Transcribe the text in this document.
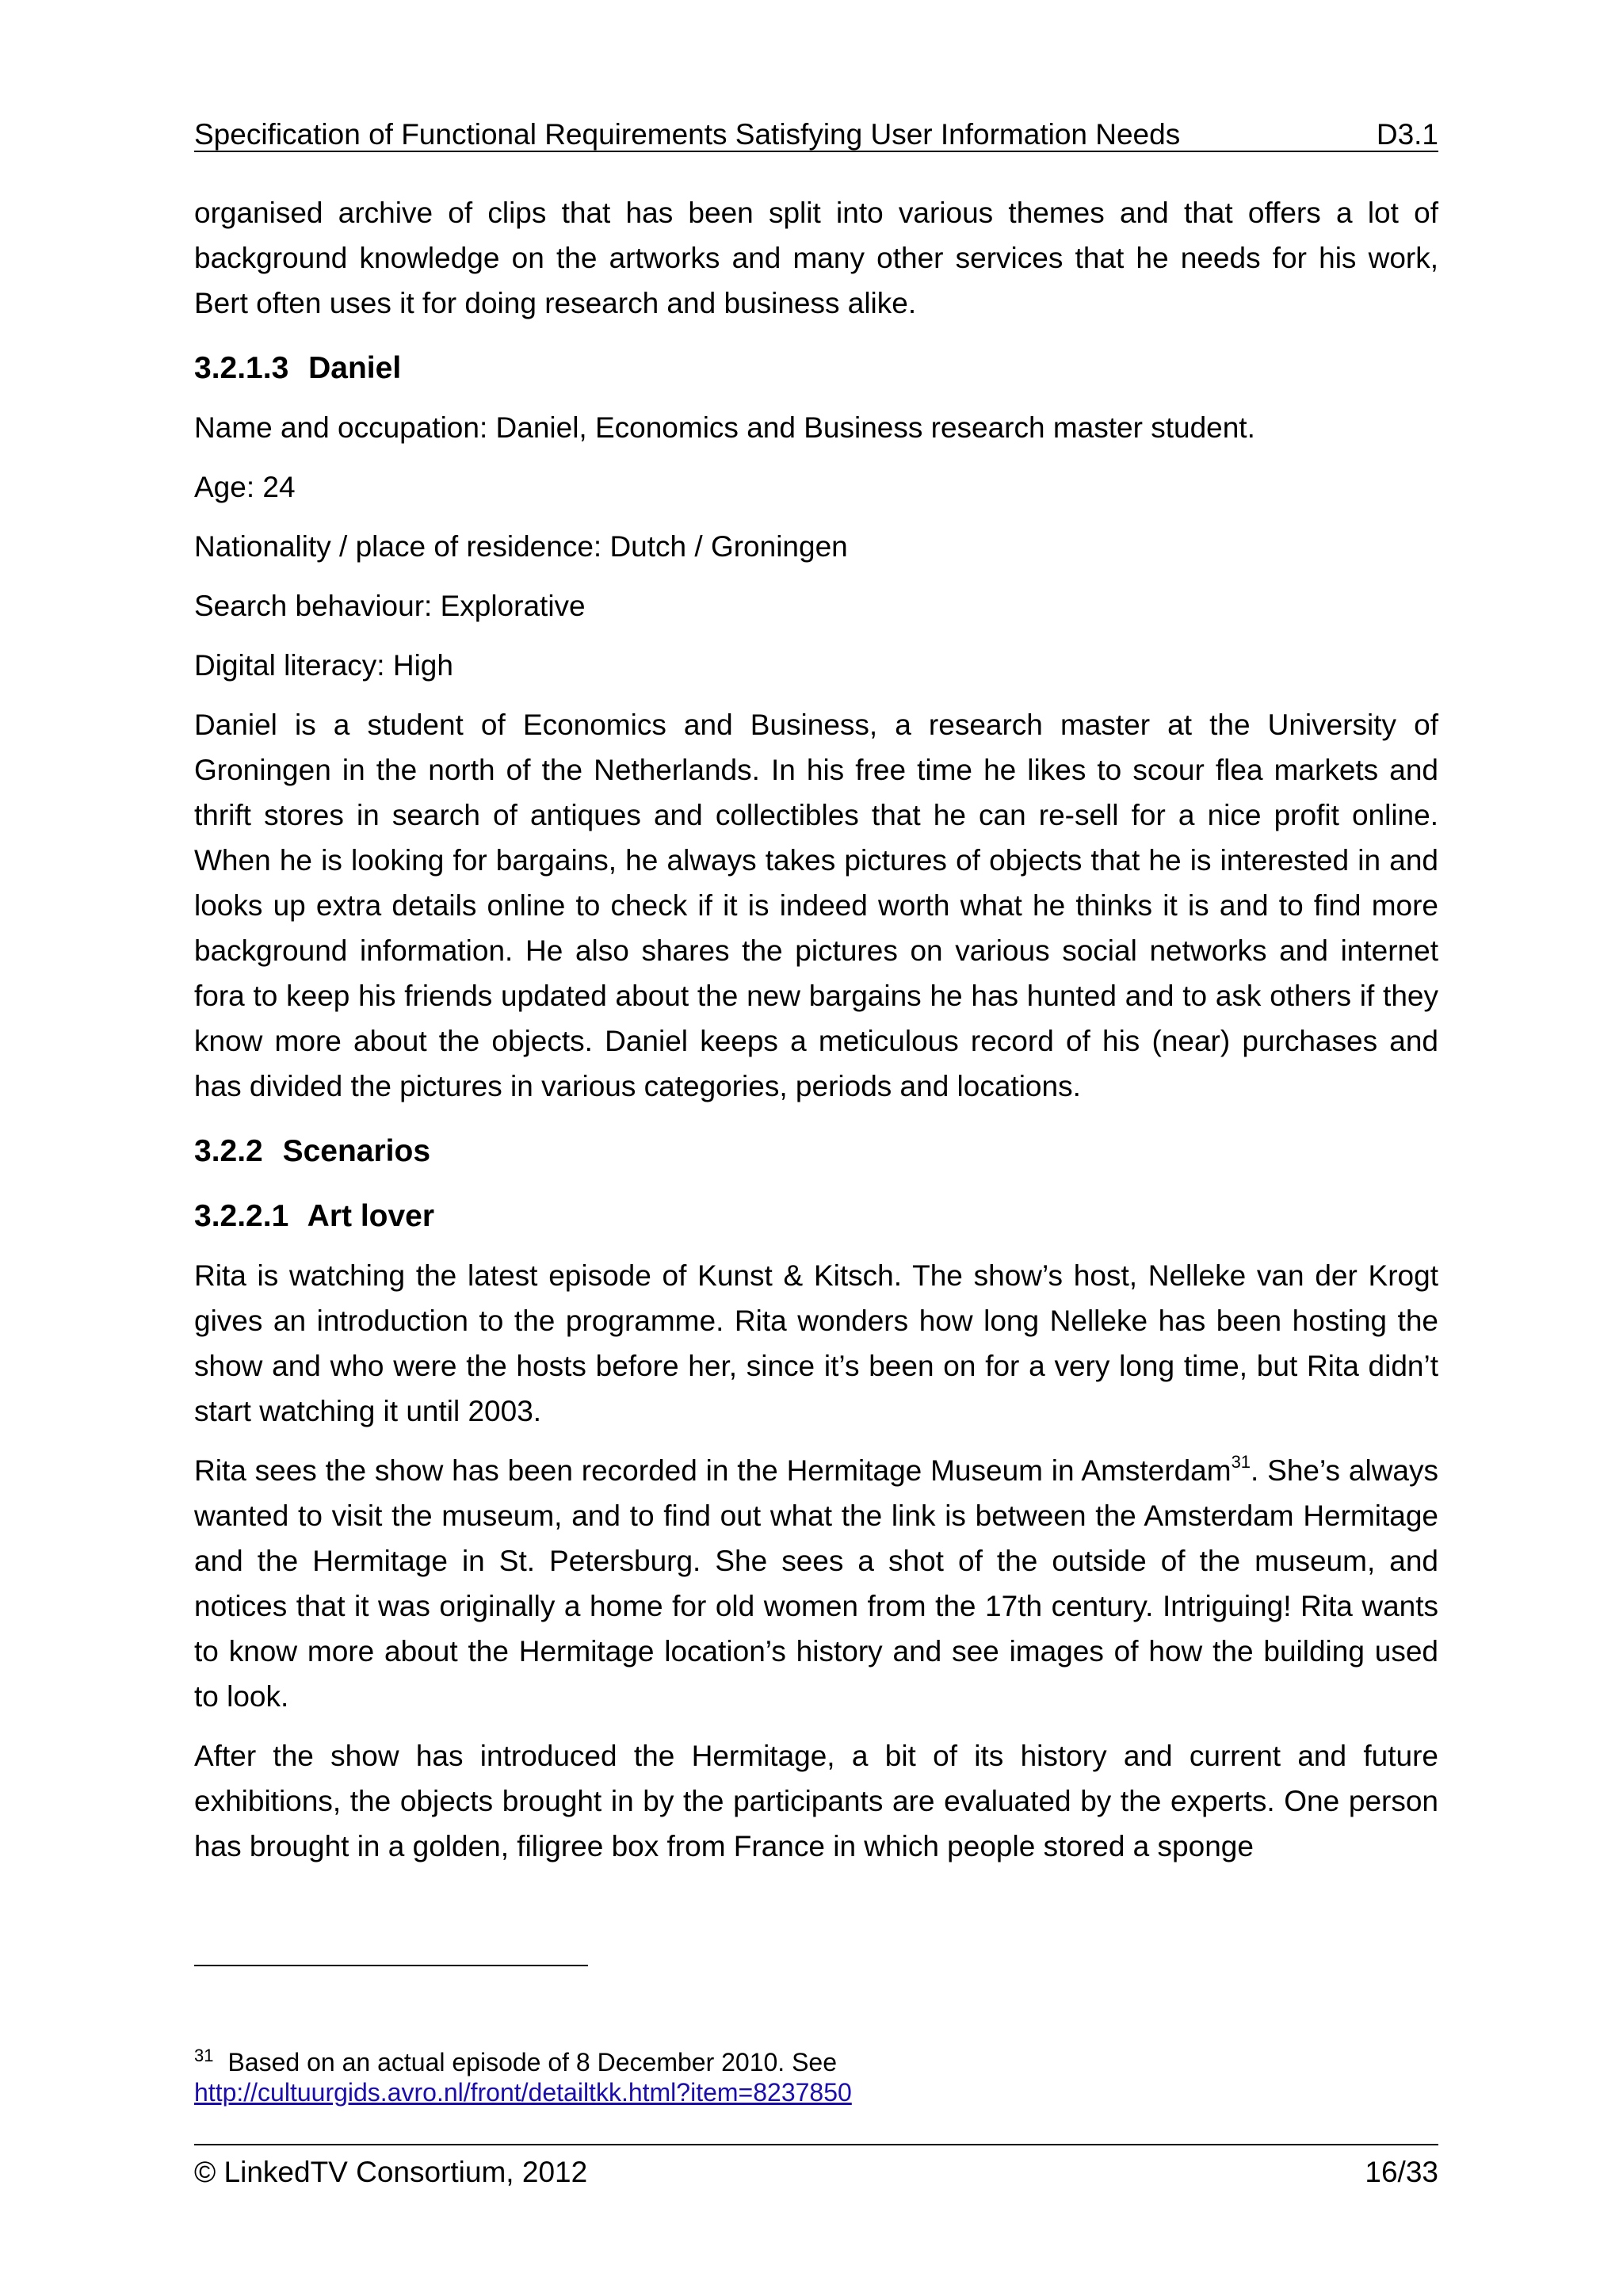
Specification of Functional Requirements Satisfying User Information Needs	D3.1

organised archive of clips that has been split into various themes and that offers a lot of background knowledge on the artworks and many other services that he needs for his work, Bert often uses it for doing research and business alike.

3.2.1.3 Daniel

Name and occupation: Daniel, Economics and Business research master student.

Age: 24

Nationality / place of residence: Dutch / Groningen

Search behaviour: Explorative

Digital literacy: High

Daniel is a student of Economics and Business, a research master at the University of Groningen in the north of the Netherlands. In his free time he likes to scour flea markets and thrift stores in search of antiques and collectibles that he can re-sell for a nice profit online. When he is looking for bargains, he always takes pictures of objects that he is interested in and looks up extra details online to check if it is indeed worth what he thinks it is and to find more background information. He also shares the pictures on various social networks and internet fora to keep his friends updated about the new bargains he has hunted and to ask others if they know more about the objects. Daniel keeps a meticulous record of his (near) purchases and has divided the pictures in various categories, periods and locations.

3.2.2 Scenarios
3.2.2.1 Art lover

Rita is watching the latest episode of Kunst & Kitsch. The show’s host, Nelleke van der Krogt gives an introduction to the programme. Rita wonders how long Nelleke has been hosting the show and who were the hosts before her, since it’s been on for a very long time, but Rita didn’t start watching it until 2003.

Rita sees the show has been recorded in the Hermitage Museum in Amsterdam$^{31}$. She’s always wanted to visit the museum, and to find out what the link is between the Amsterdam Hermitage and the Hermitage in St. Petersburg. She sees a shot of the outside of the museum, and notices that it was originally a home for old women from the 17th century. Intriguing! Rita wants to know more about the Hermitage location’s history and see images of how the building used to look.

After the show has introduced the Hermitage, a bit of its history and current and future exhibitions, the objects brought in by the participants are evaluated by the experts. One person has brought in a golden, filigree box from France in which people stored a sponge

$^{31}$ Based on an actual episode of 8 December 2010. See
http://cultuurgids.avro.nl/front/detailtkk.html?item=8237850
© LinkedTV Consortium, 2012	16/33
